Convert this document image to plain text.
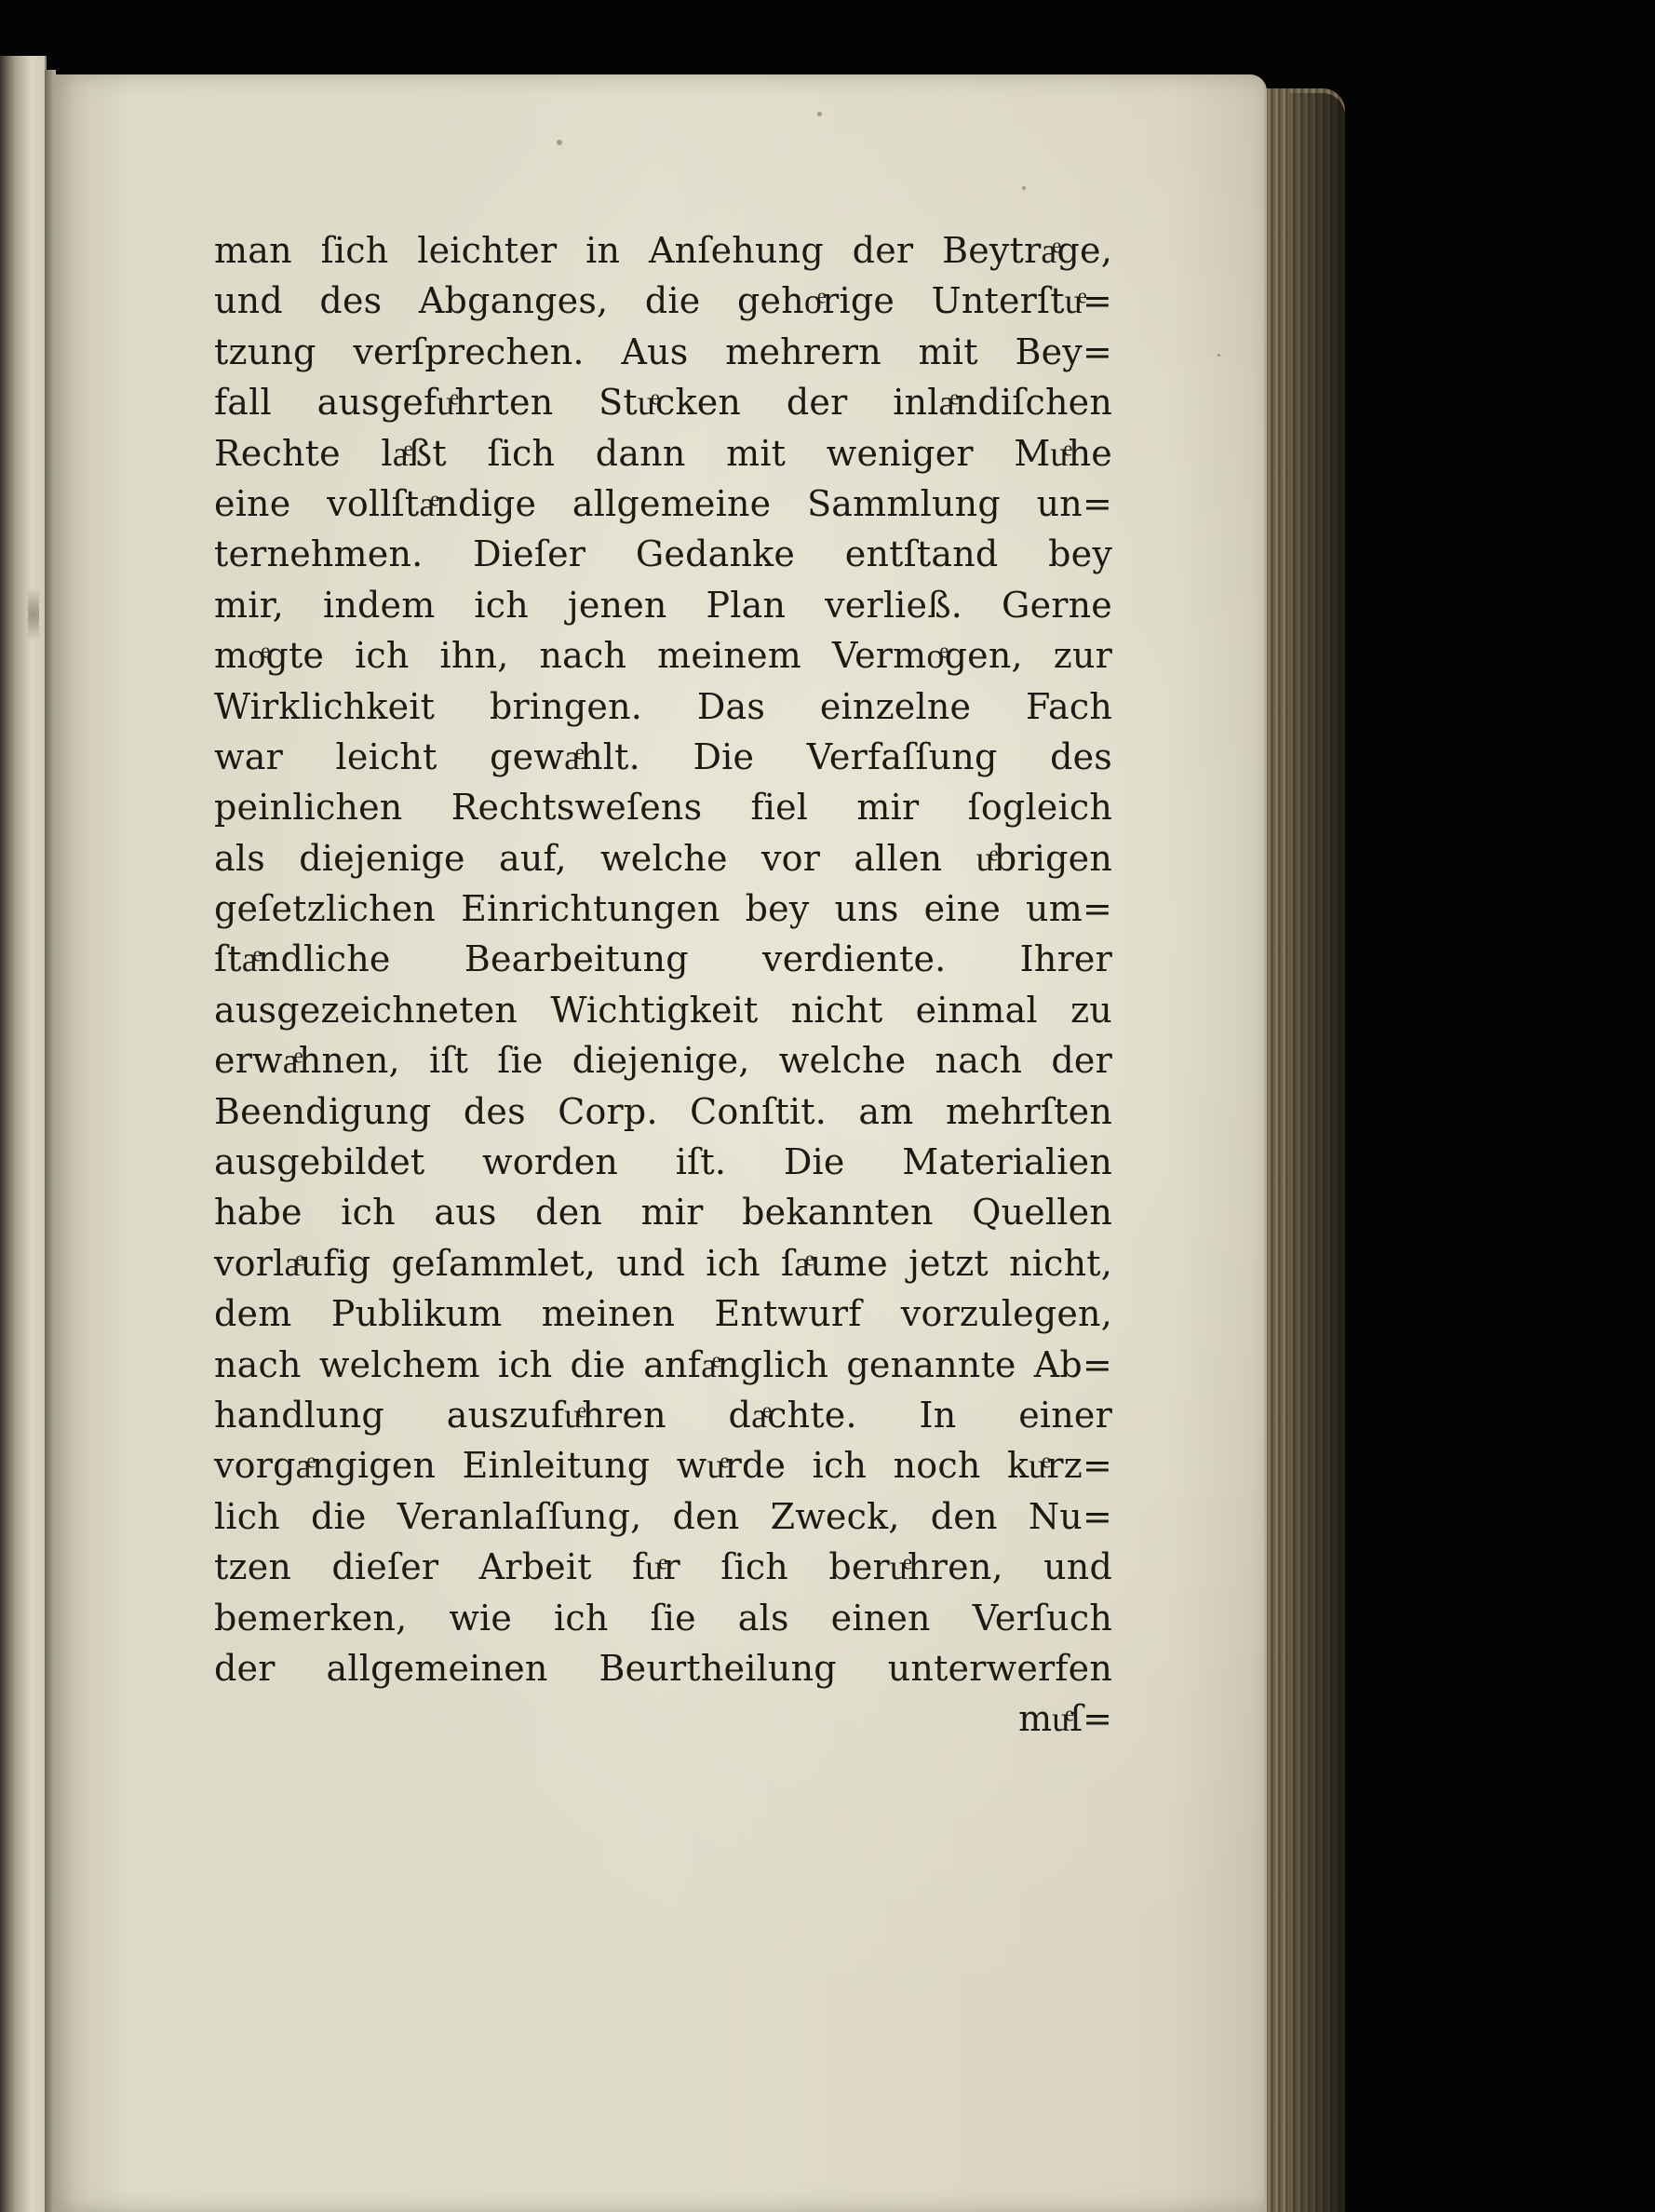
man ſich leichter in Anſehung der Beytraͤge,
und des Abganges, die gehoͤrige Unterſtuͤ=
tzung verſprechen. Aus mehrern mit Bey=
fall ausgefuͤhrten Stuͤcken der inlaͤndiſchen
Rechte laͤßt ſich dann mit weniger Muͤhe
eine vollſtaͤndige allgemeine Sammlung un=
ternehmen. Dieſer Gedanke entſtand bey
mir, indem ich jenen Plan verließ. Gerne
moͤgte ich ihn, nach meinem Vermoͤgen, zur
Wirklichkeit bringen. Das einzelne Fach
war leicht gewaͤhlt. Die Verfaſſung des
peinlichen Rechtsweſens fiel mir ſogleich
als diejenige auf, welche vor allen uͤbrigen
geſetzlichen Einrichtungen bey uns eine um=
ſtaͤndliche Bearbeitung verdiente. Ihrer
ausgezeichneten Wichtigkeit nicht einmal zu
erwaͤhnen, iſt ſie diejenige, welche nach der
Beendigung des Corp. Conſtit. am mehrſten
ausgebildet worden iſt. Die Materialien
habe ich aus den mir bekannten Quellen
vorlaͤufig geſammlet, und ich ſaͤume jetzt nicht,
dem Publikum meinen Entwurf vorzulegen,
nach welchem ich die anfaͤnglich genannte Ab=
handlung auszufuͤhren daͤchte. In einer
vorgaͤngigen Einleitung wuͤrde ich noch kuͤrz=
lich die Veranlaſſung, den Zweck, den Nu=
tzen dieſer Arbeit fuͤr ſich beruͤhren, und
bemerken, wie ich ſie als einen Verſuch
der allgemeinen Beurtheilung unterwerfen
muͤſ=
